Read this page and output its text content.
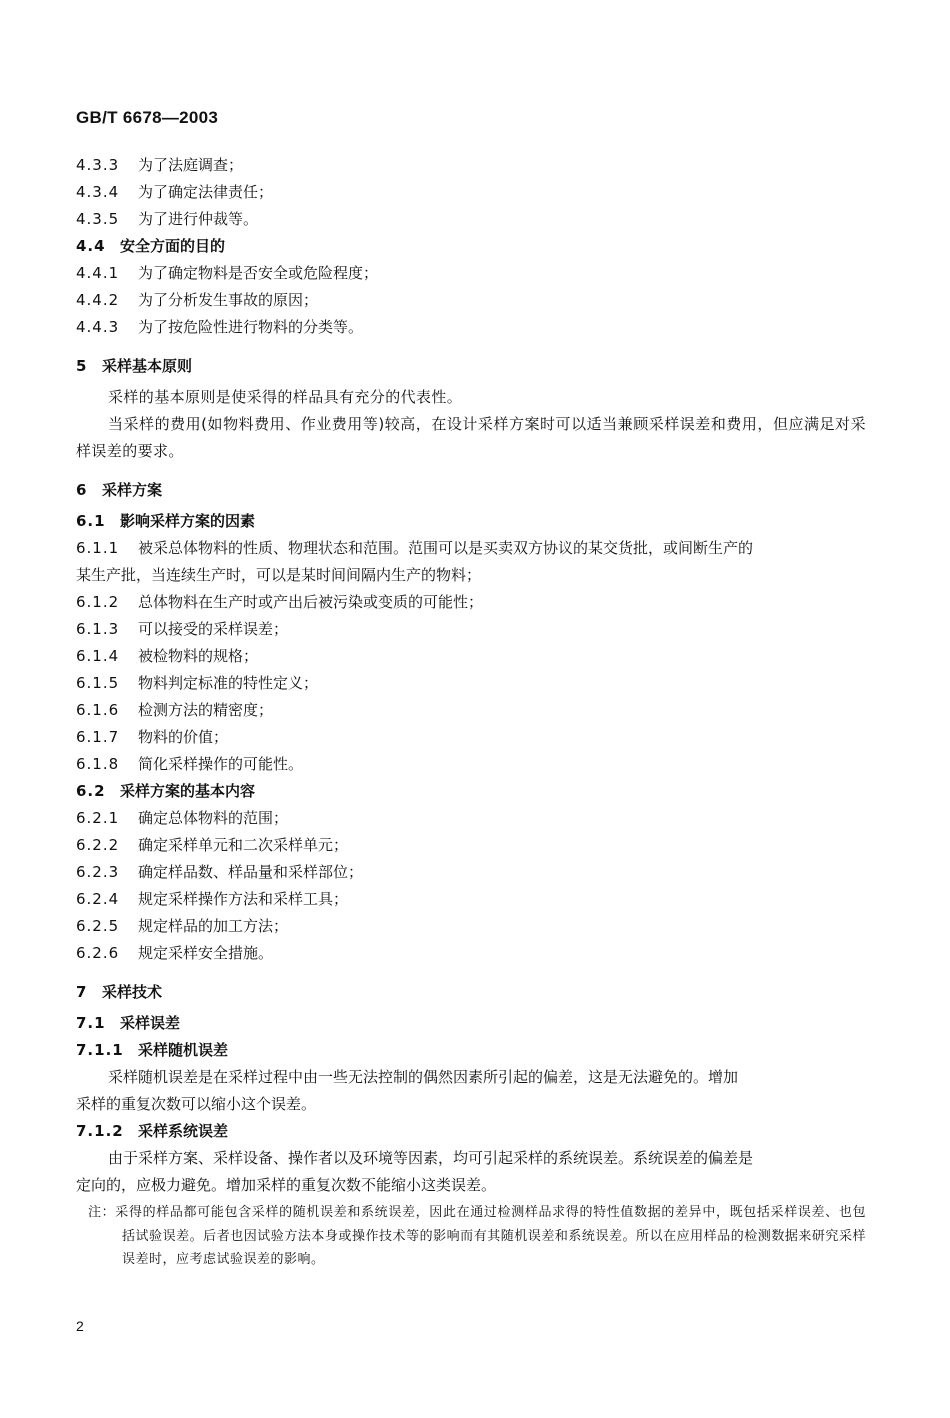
GB/T 6678—2003
4.3.3 为了法庭调查；
4.3.4 为了确定法律责任；
4.3.5 为了进行仲裁等。
4.4 安全方面的目的
4.4.1 为了确定物料是否安全或危险程度；
4.4.2 为了分析发生事故的原因；
4.4.3 为了按危险性进行物料的分类等。
5 采样基本原则
采样的基本原则是使采得的样品具有充分的代表性。
当采样的费用(如物料费用、作业费用等)较高，在设计采样方案时可以适当兼顾采样误差和费用，但应满足对采样误差的要求。
6 采样方案
6.1 影响采样方案的因素
6.1.1 被采总体物料的性质、物理状态和范围。范围可以是买卖双方协议的某交货批，或间断生产的
某生产批，当连续生产时，可以是某时间间隔内生产的物料；
6.1.2 总体物料在生产时或产出后被污染或变质的可能性；
6.1.3 可以接受的采样误差；
6.1.4 被检物料的规格；
6.1.5 物料判定标准的特性定义；
6.1.6 检测方法的精密度；
6.1.7 物料的价值；
6.1.8 简化采样操作的可能性。
6.2 采样方案的基本内容
6.2.1 确定总体物料的范围；
6.2.2 确定采样单元和二次采样单元；
6.2.3 确定样品数、样品量和采样部位；
6.2.4 规定采样操作方法和采样工具；
6.2.5 规定样品的加工方法；
6.2.6 规定采样安全措施。
7 采样技术
7.1 采样误差
7.1.1 采样随机误差
采样随机误差是在采样过程中由一些无法控制的偶然因素所引起的偏差，这是无法避免的。增加
采样的重复次数可以缩小这个误差。
7.1.2 采样系统误差
由于采样方案、采样设备、操作者以及环境等因素，均可引起采样的系统误差。系统误差的偏差是
定向的，应极力避免。增加采样的重复次数不能缩小这类误差。
注：采得的样品都可能包含采样的随机误差和系统误差，因此在通过检测样品求得的特性值数据的差异中，既包括采样误差、也包括试验误差。后者也因试验方法本身或操作技术等的影响而有其随机误差和系统误差。所以在应用样品的检测数据来研究采样误差时，应考虑试验误差的影响。
2
